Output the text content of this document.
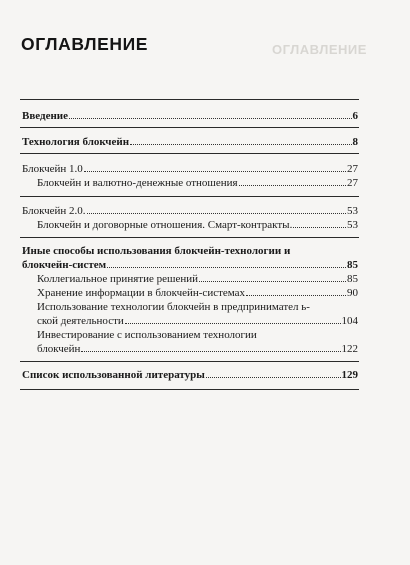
ОГЛАВЛЕНИЕ
ОГЛАВЛЕНИЕ
Введение	6
Технология блокчейн	8
Блокчейн 1.0	27
Блокчейн и валютно-денежные отношения	27
Блокчейн 2.0.	53
Блокчейн и договорные отношения. Смарт-контракты.	53
Иные способы использования блокчейн-технологии и
блокчейн-систем	85
Коллегиальное принятие решений	85
Хранение информации в блокчейн-системах	90
Использование технологии блокчейн в предпринимател ь-
ской деятельности	104
Инвестирование с использованием технологии
блокчейн	122
Список использованной литературы	129
